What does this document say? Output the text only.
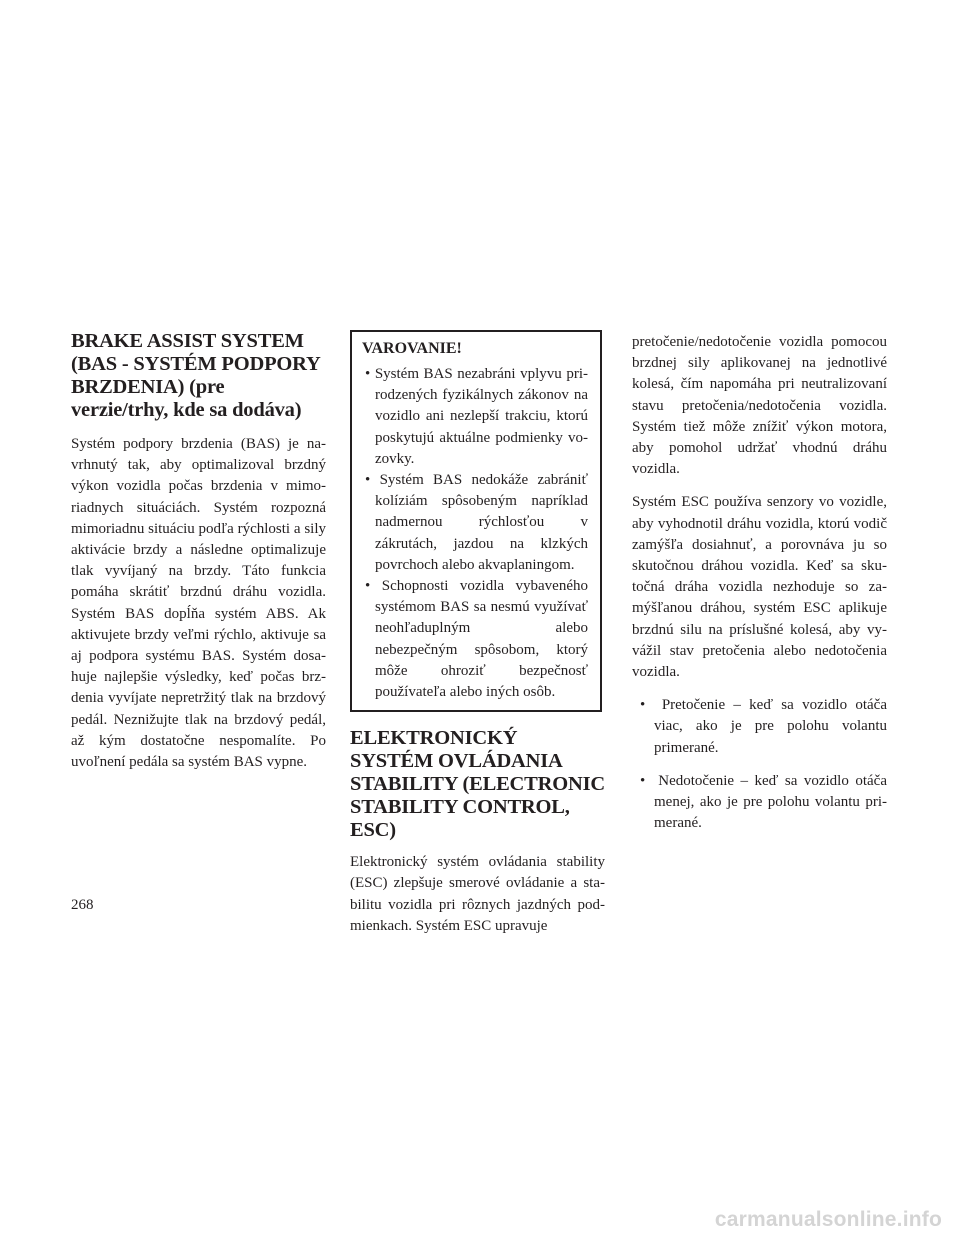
BRAKE ASSIST SYSTEM (BAS - SYSTÉM PODPORY BRZDENIA) (pre verzie/trhy, kde sa dodáva)

Systém podpory brzdenia (BAS) je navrhnutý tak, aby optimalizoval brzdný výkon vozidla počas brzdenia v mimoriadnych situáciách. Systém rozpozná mimoriadnu situáciu podľa rýchlosti a sily aktivácie brzdy a následne optimalizuje tlak vyvíjaný na brzdy. Táto funkcia pomáha skrátiť brzdnú dráhu vozidla. Systém BAS dopĺňa systém ABS. Ak aktivujete brzdy veľmi rýchlo, aktivuje sa aj podpora systému BAS. Systém dosahuje najlepšie výsledky, keď počas brzdenia vyvíjate nepretržitý tlak na brzdový pedál. Neznižujte tlak na brzdový pedál, až kým dostatočne nespomalíte. Po uvoľnení pedála sa systém BAS vypne.

VAROVANIE!
• Systém BAS nezabráni vplyvu prirodzených fyzikálnych zákonov na vozidlo ani nezlepší trakciu, ktorú poskytujú aktuálne podmienky vozovky.
• Systém BAS nedokáže zabrániť kolíziám spôsobeným napríklad nadmernou rýchlosťou v zákrutách, jazdou na klzkých povrchoch alebo akvaplaningom.
• Schopnosti vozidla vybaveného systémom BAS sa nesmú využívať neohľaduplným alebo nebezpečným spôsobom, ktorý môže ohroziť bezpečnosť používateľa alebo iných osôb.
ELEKTRONICKÝ SYSTÉM OVLÁDANIA STABILITY (ELECTRONIC STABILITY CONTROL, ESC)

Elektronický systém ovládania stability (ESC) zlepšuje smerové ovládanie a stabilitu vozidla pri rôznych jazdných podmienkach. Systém ESC upravuje

pretočenie/nedotočenie vozidla pomocou brzdnej sily aplikovanej na jednotlivé kolesá, čím napomáha pri neutralizovaní stavu pretočenia/nedotočenia vozidla. Systém tiež môže znížiť výkon motora, aby pomohol udržať vhodnú dráhu vozidla.

Systém ESC používa senzory vo vozidle, aby vyhodnotil dráhu vozidla, ktorú vodič zamýšľa dosiahnuť, a porovnáva ju so skutočnou dráhou vozidla. Keď sa skutočná dráha vozidla nezhoduje so zamýšľanou dráhou, systém ESC aplikuje brzdnú silu na príslušné kolesá, aby vyvážil stav pretočenia alebo nedotočenia vozidla.

•  Pretočenie – keď sa vozidlo otáča viac, ako je pre polohu volantu primerané.
•  Nedotočenie – keď sa vozidlo otáča menej, ako je pre polohu volantu primerané.
268
carmanualsonline.info
